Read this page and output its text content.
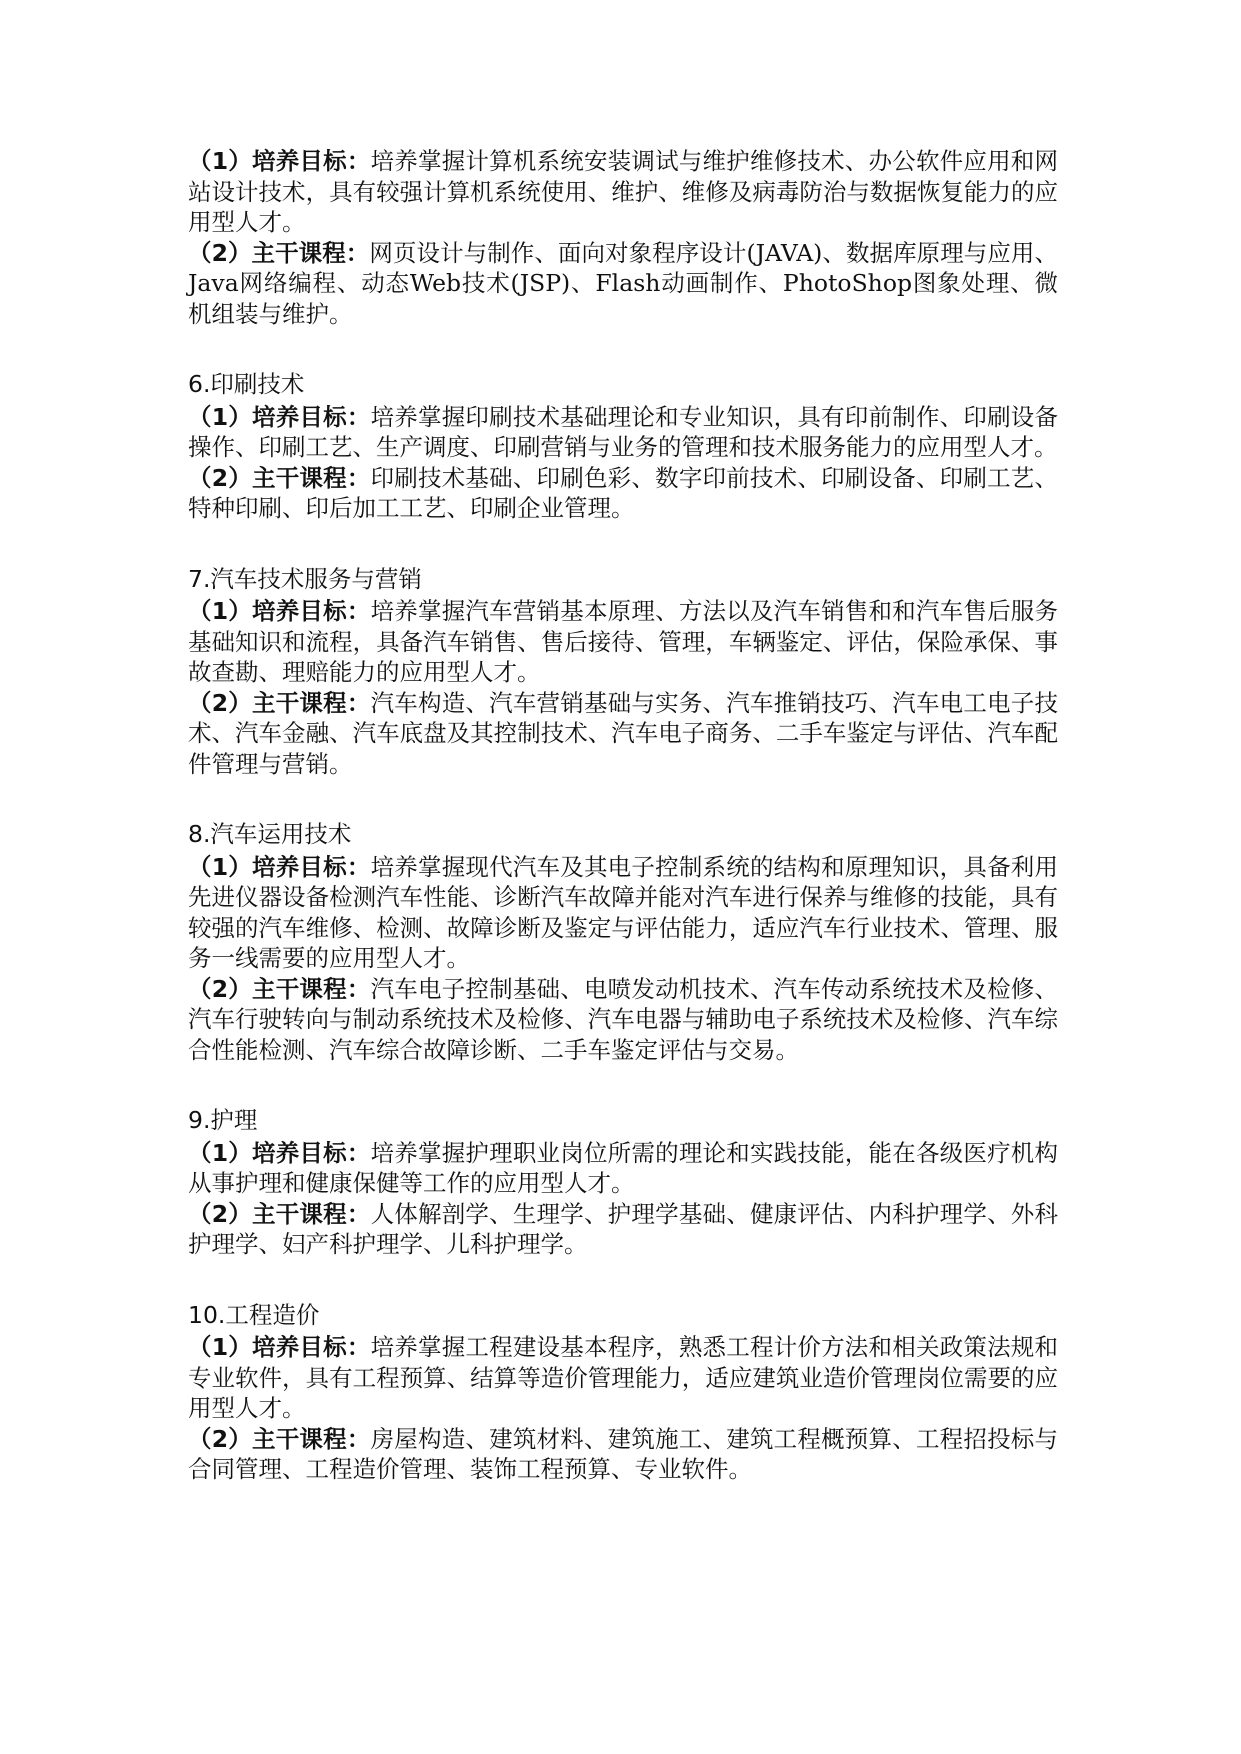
（1）培养目标：培养掌握计算机系统安装调试与维护维修技术、办公软件应用和网站设计技术，具有较强计算机系统使用、维护、维修及病毒防治与数据恢复能力的应用型人才。

（2）主干课程：网页设计与制作、面向对象程序设计(JAVA)、数据库原理与应用、Java网络编程、动态Web技术(JSP)、Flash动画制作、PhotoShop图象处理、微机组装与维护。

6.印刷技术

（1）培养目标：培养掌握印刷技术基础理论和专业知识，具有印前制作、印刷设备操作、印刷工艺、生产调度、印刷营销与业务的管理和技术服务能力的应用型人才。

（2）主干课程：印刷技术基础、印刷色彩、数字印前技术、印刷设备、印刷工艺、特种印刷、印后加工工艺、印刷企业管理。

7.汽车技术服务与营销

（1）培养目标：培养掌握汽车营销基本原理、方法以及汽车销售和和汽车售后服务基础知识和流程，具备汽车销售、售后接待、管理，车辆鉴定、评估，保险承保、事故查勘、理赔能力的应用型人才。

（2）主干课程：汽车构造、汽车营销基础与实务、汽车推销技巧、汽车电工电子技术、汽车金融、汽车底盘及其控制技术、汽车电子商务、二手车鉴定与评估、汽车配件管理与营销。

8.汽车运用技术

（1）培养目标：培养掌握现代汽车及其电子控制系统的结构和原理知识，具备利用先进仪器设备检测汽车性能、诊断汽车故障并能对汽车进行保养与维修的技能，具有较强的汽车维修、检测、故障诊断及鉴定与评估能力，适应汽车行业技术、管理、服务一线需要的应用型人才。

（2）主干课程：汽车电子控制基础、电喷发动机技术、汽车传动系统技术及检修、汽车行驶转向与制动系统技术及检修、汽车电器与辅助电子系统技术及检修、汽车综合性能检测、汽车综合故障诊断、二手车鉴定评估与交易。

9.护理

（1）培养目标：培养掌握护理职业岗位所需的理论和实践技能，能在各级医疗机构从事护理和健康保健等工作的应用型人才。

（2）主干课程：人体解剖学、生理学、护理学基础、健康评估、内科护理学、外科护理学、妇产科护理学、儿科护理学。

10.工程造价

（1）培养目标：培养掌握工程建设基本程序，熟悉工程计价方法和相关政策法规和专业软件，具有工程预算、结算等造价管理能力，适应建筑业造价管理岗位需要的应用型人才。

（2）主干课程：房屋构造、建筑材料、建筑施工、建筑工程概预算、工程招投标与合同管理、工程造价管理、装饰工程预算、专业软件。
